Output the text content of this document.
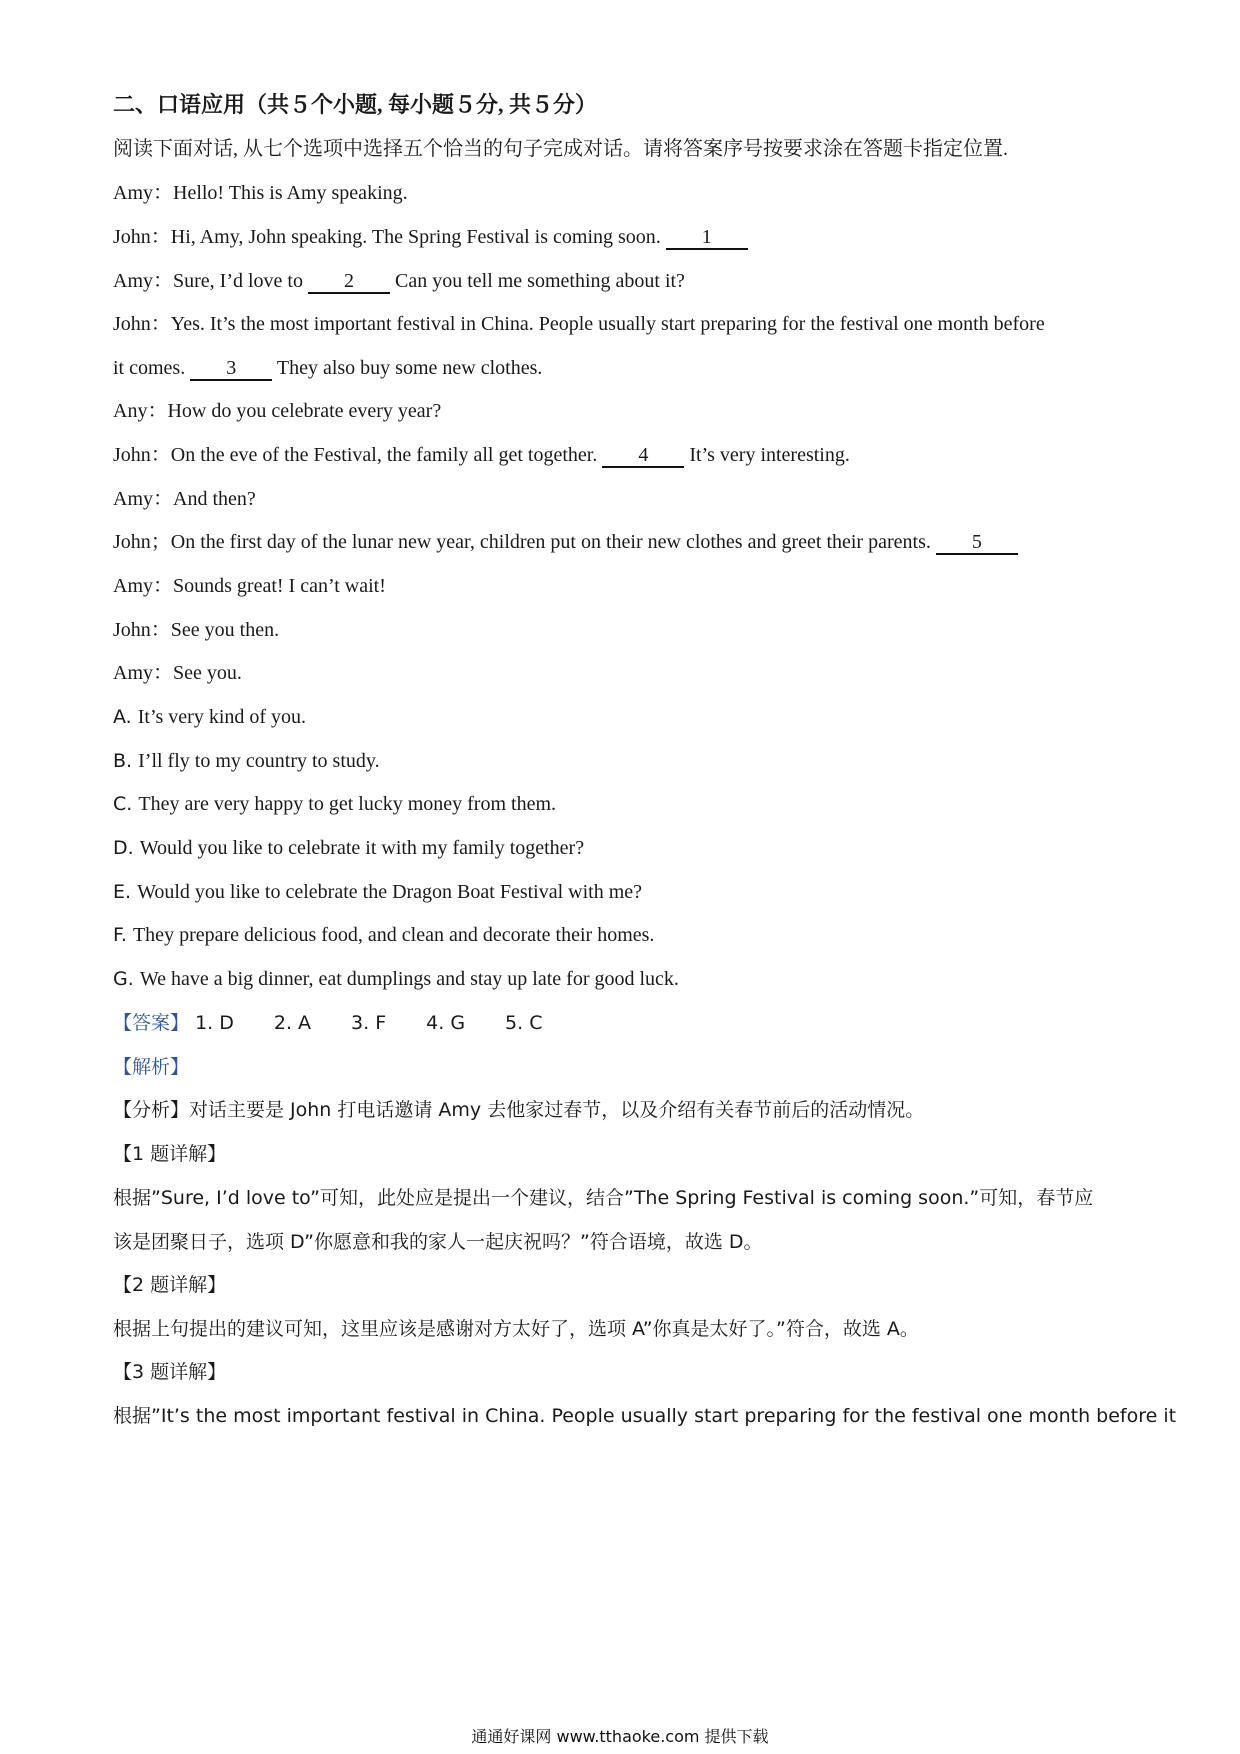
二、口语应用（共５个小题, 每小题５分, 共５分）
阅读下面对话, 从七个选项中选择五个恰当的句子完成对话。请将答案序号按要求涂在答题卡指定位置.
Amy：Hello! This is Amy speaking.
John：Hi, Amy, John speaking. The Spring Festival is coming soon. 1
Amy：Sure, I’d love to 2 Can you tell me something about it?
John：Yes. It’s the most important festival in China. People usually start preparing for the festival one month before
it comes. 3 They also buy some new clothes.
Any：How do you celebrate every year?
John：On the eve of the Festival, the family all get together. 4 It’s very interesting.
Amy：And then?
John；On the first day of the lunar new year, children put on their new clothes and greet their parents. 5
Amy：Sounds great! I can’t wait!
John：See you then.
Amy：See you.
A. It’s very kind of you.
B. I’ll fly to my country to study.
C. They are very happy to get lucky money from them.
D. Would you like to celebrate it with my family together?
E. Would you like to celebrate the Dragon Boat Festival with me?
F. They prepare delicious food, and clean and decorate their homes.
G. We have a big dinner, eat dumplings and stay up late for good luck.
【答案】 1. D 2. A 3. F 4. G 5. C
【解析】
【分析】对话主要是 John 打电话邀请 Amy 去他家过春节，以及介绍有关春节前后的活动情况。
【1 题详解】
根据”Sure, I’d love to”可知，此处应是提出一个建议，结合”The Spring Festival is coming soon.”可知，春节应
该是团聚日子，选项 D”你愿意和我的家人一起庆祝吗？”符合语境，故选 D。
【2 题详解】
根据上句提出的建议可知，这里应该是感谢对方太好了，选项 A”你真是太好了。”符合，故选 A。
【3 题详解】
根据”It’s the most important festival in China. People usually start preparing for the festival one month before it
通通好课网 www.tthaoke.com 提供下载
